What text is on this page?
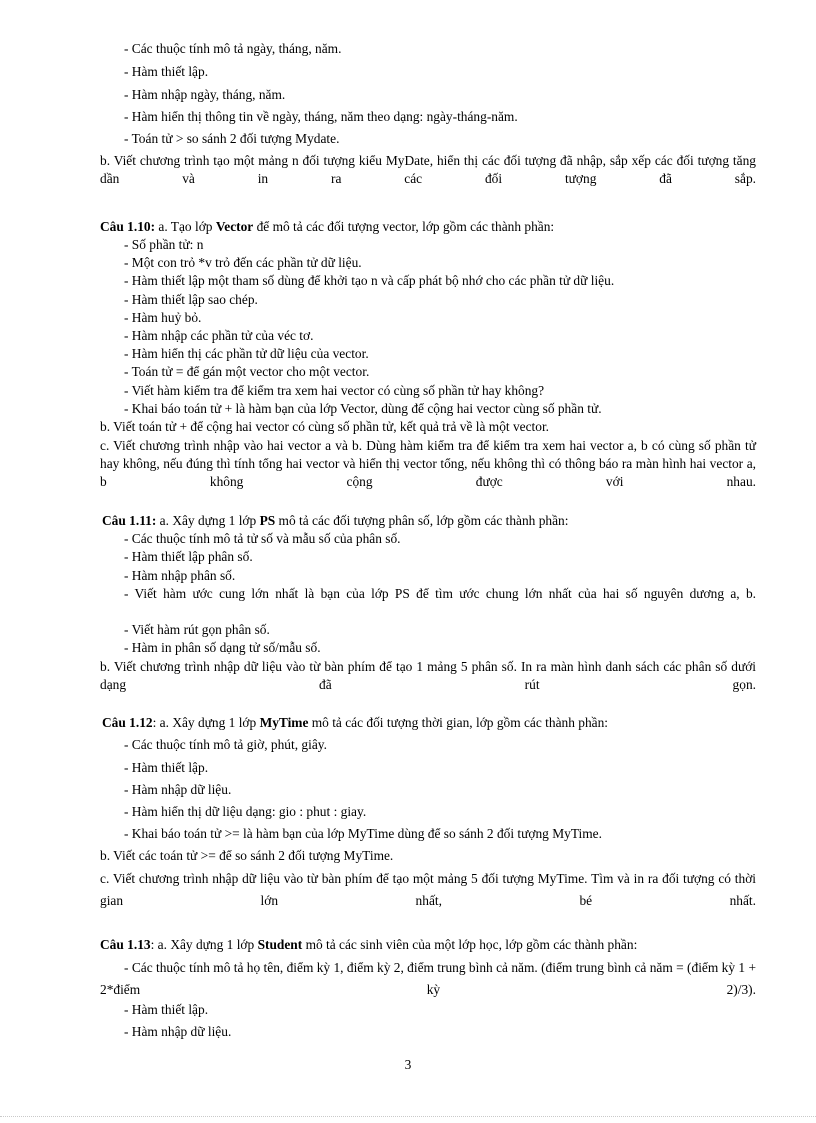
- Các thuộc tính mô tả ngày, tháng, năm.
- Hàm thiết lập.
- Hàm nhập ngày, tháng, năm.
- Hàm hiển thị thông tin về ngày, tháng, năm theo dạng: ngày-tháng-năm.
- Toán tử > so sánh 2 đối tượng Mydate.
b. Viết chương trình tạo một mảng n đối tượng kiểu MyDate, hiển thị các đối tượng đã nhập, sắp xếp các đối tượng tăng dần và in ra các đối tượng đã sắp.
Câu 1.10: a. Tạo lớp Vector để mô tả các đối tượng vector, lớp gồm các thành phần:
- Số phần tử: n
- Một con trỏ *v trỏ đến các phần tử dữ liệu.
- Hàm thiết lập một tham số dùng để khởi tạo n và cấp phát bộ nhớ cho các phần tử dữ liệu.
- Hàm thiết lập sao chép.
- Hàm huỷ bỏ.
- Hàm nhập các phần tử của véc tơ.
- Hàm hiển thị các phần tử dữ liệu của vector.
- Toán tử = để gán một vector cho một vector.
- Viết hàm kiểm tra để kiểm tra xem hai vector có cùng số phần tử hay không?
- Khai báo toán tử + là hàm bạn của lớp Vector, dùng để cộng hai vector cùng số phần tử.
b. Viết toán tử + để cộng hai vector có cùng số phần tử, kết quả trả về là một vector.
c. Viết chương trình nhập vào hai vector a và b. Dùng hàm kiểm tra để kiểm tra xem hai vector a, b có cùng số phần tử hay không, nếu đúng thì tính tổng hai vector và hiển thị vector tổng, nếu không thì có thông báo ra màn hình hai vector a, b không cộng được với nhau.
Câu 1.11: a. Xây dựng 1 lớp PS mô tả các đối tượng phân số, lớp gồm các thành phần:
- Các thuộc tính mô tả tử số và mẫu số của phân số.
- Hàm thiết lập phân số.
- Hàm nhập phân số.
- Viết hàm ước cung lớn nhất là bạn của lớp PS để tìm ước chung lớn nhất của hai số nguyên dương a, b.
- Viết hàm rút gọn phân số.
- Hàm in phân số dạng tử số/mẫu số.
b. Viết chương trình nhập dữ liệu vào từ bàn phím để tạo 1 mảng 5 phân số. In ra màn hình danh sách các phân số dưới dạng đã rút gọn.
Câu 1.12: a. Xây dựng 1 lớp MyTime mô tả các đối tượng thời gian, lớp gồm các thành phần:
- Các thuộc tính mô tả giờ, phút, giây.
- Hàm thiết lập.
- Hàm nhập dữ liệu.
- Hàm hiển thị dữ liệu dạng: gio : phut : giay.
- Khai báo toán tử >= là hàm bạn của lớp MyTime dùng để so sánh 2 đối tượng MyTime.
b. Viết các toán tử >= để so sánh 2 đối tượng MyTime.
c. Viết chương trình nhập dữ liệu vào từ bàn phím để tạo một mảng 5 đối tượng MyTime. Tìm và in ra đối tượng có thời gian lớn nhất, bé nhất.
Câu 1.13: a. Xây dựng 1 lớp Student mô tả các sinh viên của một lớp học, lớp gồm các thành phần:
- Các thuộc tính mô tả họ tên, điểm kỳ 1, điểm kỳ 2, điểm trung bình cả năm. (điểm trung bình cả năm = (điểm kỳ 1 + 2*điểm kỳ 2)/3).
- Hàm thiết lập.
- Hàm nhập dữ liệu.
3
